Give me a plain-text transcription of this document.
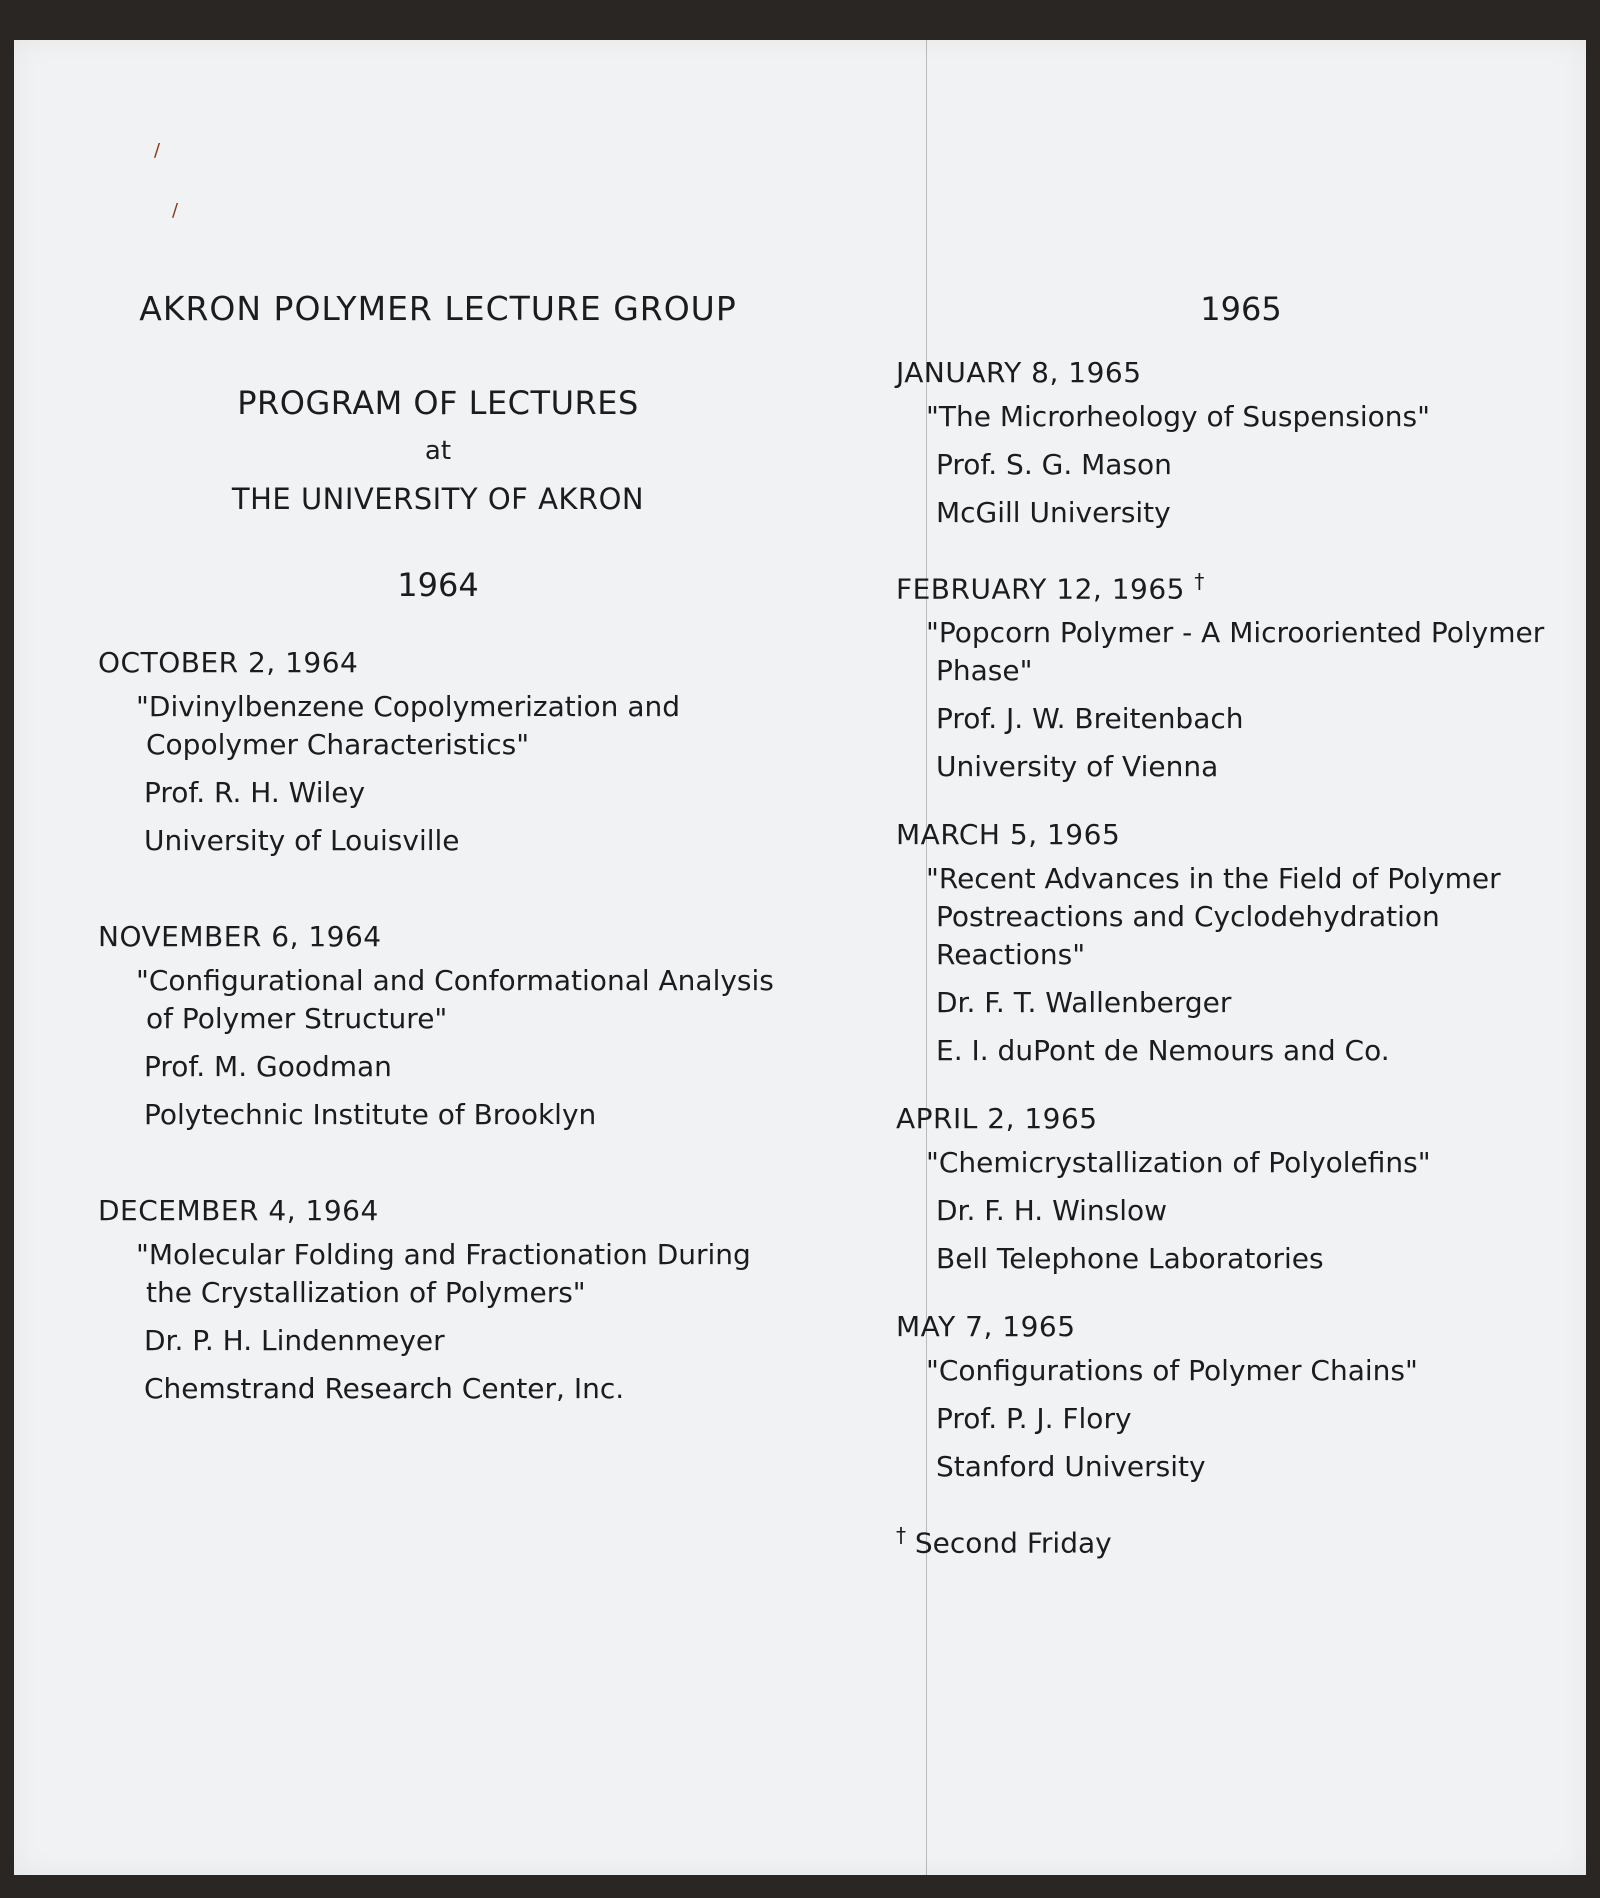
/
/
AKRON POLYMER LECTURE GROUP
PROGRAM OF LECTURES
at
THE UNIVERSITY OF AKRON
1964
OCTOBER 2, 1964
"Divinylbenzene Copolymerization and Copolymer Characteristics"
Prof. R. H. Wiley
University of Louisville
NOVEMBER 6, 1964
"Configurational and Conformational Analysis of Polymer Structure"
Prof. M. Goodman
Polytechnic Institute of Brooklyn
DECEMBER 4, 1964
"Molecular Folding and Fractionation During the Crystallization of Polymers"
Dr. P. H. Lindenmeyer
Chemstrand Research Center, Inc.
1965
JANUARY 8, 1965
"The Microrheology of Suspensions"
Prof. S. G. Mason
McGill University
FEBRUARY 12, 1965 †
"Popcorn Polymer - A Microoriented Polymer Phase"
Prof. J. W. Breitenbach
University of Vienna
MARCH 5, 1965
"Recent Advances in the Field of Polymer Postreactions and Cyclodehydration Reactions"
Dr. F. T. Wallenberger
E. I. duPont de Nemours and Co.
APRIL 2, 1965
"Chemicrystallization of Polyolefins"
Dr. F. H. Winslow
Bell Telephone Laboratories
MAY 7, 1965
"Configurations of Polymer Chains"
Prof. P. J. Flory
Stanford University
† Second Friday
